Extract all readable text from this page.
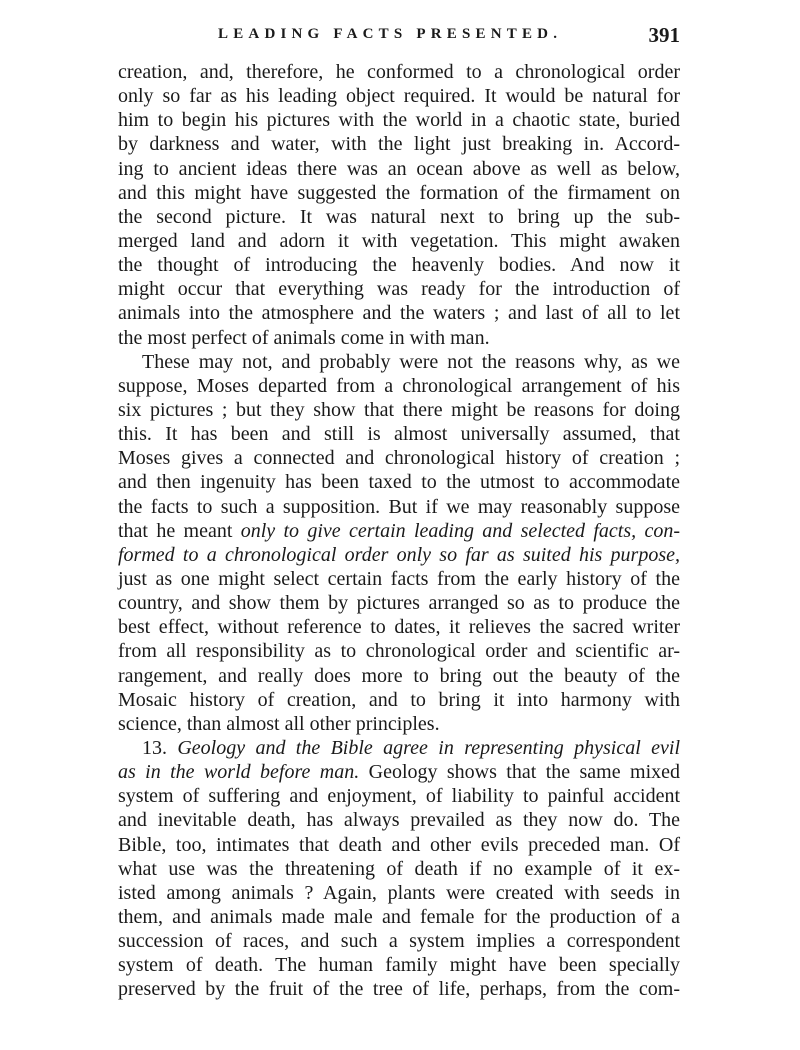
LEADING FACTS PRESENTED.	391
creation, and, therefore, he conformed to a chronological order
only so far as his leading object required. It would be natural for
him to begin his pictures with the world in a chaotic state, buried
by darkness and water, with the light just breaking in. Accord-
ing to ancient ideas there was an ocean above as well as below,
and this might have suggested the formation of the firmament on
the second picture. It was natural next to bring up the sub-
merged land and adorn it with vegetation. This might awaken
the thought of introducing the heavenly bodies. And now it
might occur that everything was ready for the introduction of
animals into the atmosphere and the waters ; and last of all to let
the most perfect of animals come in with man.
These may not, and probably were not the reasons why, as we
suppose, Moses departed from a chronological arrangement of his
six pictures ; but they show that there might be reasons for doing
this. It has been and still is almost universally assumed, that
Moses gives a connected and chronological history of creation ;
and then ingenuity has been taxed to the utmost to accommodate
the facts to such a supposition. But if we may reasonably suppose
that he meant only to give certain leading and selected facts, con-
formed to a chronological order only so far as suited his purpose,
just as one might select certain facts from the early history of the
country, and show them by pictures arranged so as to produce the
best effect, without reference to dates, it relieves the sacred writer
from all responsibility as to chronological order and scientific ar-
rangement, and really does more to bring out the beauty of the
Mosaic history of creation, and to bring it into harmony with
science, than almost all other principles.
13. Geology and the Bible agree in representing physical evil
as in the world before man. Geology shows that the same mixed
system of suffering and enjoyment, of liability to painful accident
and inevitable death, has always prevailed as they now do. The
Bible, too, intimates that death and other evils preceded man. Of
what use was the threatening of death if no example of it ex-
isted among animals ? Again, plants were created with seeds in
them, and animals made male and female for the production of a
succession of races, and such a system implies a correspondent
system of death. The human family might have been specially
preserved by the fruit of the tree of life, perhaps, from the com-
